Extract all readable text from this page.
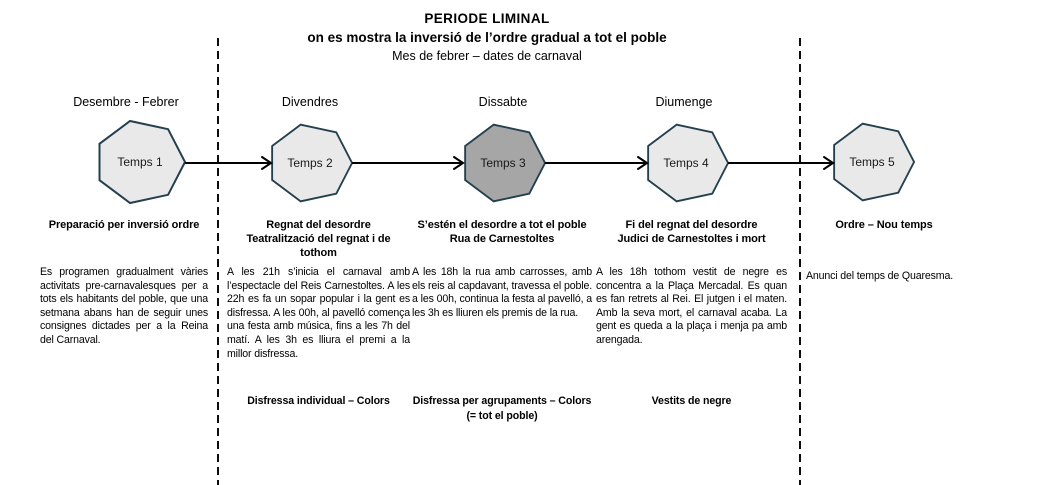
PERIODE LIMINAL
on es mostra la inversió de l’ordre gradual a tot el poble
Mes de febrer – dates de carnaval
Desembre - Febrer	Divendres	Dissabte	Diumenge
Temps 1	Temps 2	Temps 3	Temps 4	Temps 5
Preparació per inversió ordre
Es programen gradualment vàries activitats pre-carnavalesques per a tots els habitants del poble, que una setmana abans han de seguir unes consignes dictades per a la Reina del Carnaval.
Regnat del desordre
Teatralització del regnat i de tothom
A les 21h s’inicia el carnaval amb l’espectacle del Reis Carnestoltes. A les 22h es fa un sopar popular i la gent es disfressa. A les 00h, al pavelló comença una festa amb música, fins a les 7h del matí. A les 3h es lliura el premi a la millor disfressa.
Disfressa individual – Colors
S’estén el desordre a tot el poble
Rua de Carnestoltes
A les 18h la rua amb carrosses, amb els reis al capdavant, travessa el poble. a les 00h, continua la festa al pavelló, a les 3h es lliuren els premis de la rua.
Disfressa per agrupaments – Colors
(= tot el poble)
Fi del regnat del desordre
Judici de Carnestoltes i mort
A les 18h tothom vestit de negre es concentra a la Plaça Mercadal. Es quan es fan retrets al Rei. El jutgen i el maten. Amb la seva mort, el carnaval acaba. La gent es queda a la plaça i menja pa amb arengada.
Vestits de negre
Ordre – Nou temps
Anunci del temps de Quaresma.
